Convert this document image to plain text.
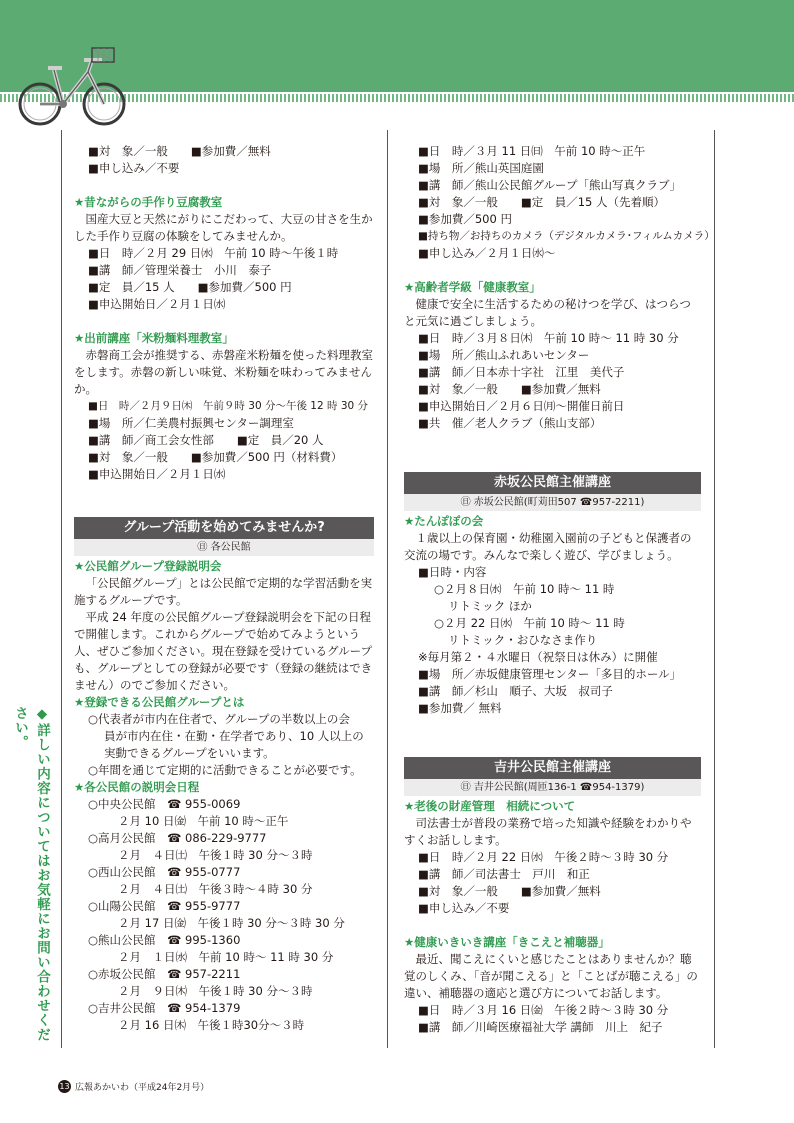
■対　象／一般　　■参加費／無料

■申し込み／不要

★昔ながらの手作り豆腐教室

国産大豆と天然にがりにこだわって、大豆の甘さを生かした手作り豆腐の体験をしてみませんか。

■日　時／２月 29 日㈬　午前 10 時〜午後１時

■講　師／管理栄養士　小川　泰子

■定　員／15 人　　■参加費／500 円

■申込開始日／２月１日㈬

★出前講座「米粉麺料理教室」

赤磐商工会が推奨する、赤磐産米粉麺を使った料理教室をします。赤磐の新しい味覚、米粉麺を味わってみませんか。

■日　時／２月９日㈭　午前９時 30 分〜午後 12 時 30 分

■場　所／仁美農村振興センター調理室

■講　師／商工会女性部　　■定　員／20 人

■対　象／一般　　■参加費／500 円（材料費）

■申込開始日／２月１日㈬

グループ活動を始めてみませんか?

㊐ 各公民館

★公民館グループ登録説明会

「公民館グループ」とは公民館で定期的な学習活動を実施するグループです。

平成 24 年度の公民館グループ登録説明会を下記の日程で開催します。これからグループで始めてみようという人、ぜひご参加ください。現在登録を受けているグループも、グループとしての登録が必要です（登録の継続はできません）のでご参加ください。

★登録できる公民館グループとは

○代表者が市内在住者で、グループの半数以上の会

員が市内在住・在勤・在学者であり、10 人以上の

実動できるグループをいいます。

○年間を通じて定期的に活動できることが必要です。

★各公民館の説明会日程

○中央公民館　☎ 955-0069

２月 10 日㈮　午前 10 時〜正午

○高月公民館　☎ 086-229-9777

２月　４日㈯　午後１時 30 分〜３時

○西山公民館　☎ 955-0777

２月　４日㈯　午後３時〜４時 30 分

○山陽公民館　☎ 955-9777

２月 17 日㈮　午後１時 30 分〜３時 30 分

○熊山公民館　☎ 995-1360

２月　１日㈬　午前 10 時〜 11 時 30 分

○赤坂公民館　☎ 957-2211

２月　９日㈭　午後１時 30 分〜３時

○吉井公民館　☎ 954-1379

２月 16 日㈭　午後１時30分〜３時

■日　時／３月 11 日㈰　午前 10 時〜正午

■場　所／熊山英国庭園

■講　師／熊山公民館グループ「熊山写真クラブ」

■対　象／一般　　■定　員／15 人（先着順）

■参加費／500 円

■持ち物／お持ちのカメラ（デジタルカメラ･フィルムカメラ）

■申し込み／２月１日㈬〜

★高齢者学級「健康教室」

健康で安全に生活するための秘けつを学び、はつらつと元気に過ごしましょう。

■日　時／３月８日㈭　午前 10 時〜 11 時 30 分

■場　所／熊山ふれあいセンター

■講　師／日本赤十字社　江里　美代子

■対　象／一般　　■参加費／無料

■申込開始日／２月６日㈪〜開催日前日

■共　催／老人クラブ（熊山支部）

赤坂公民館主催講座

㊐ 赤坂公民館(町苅田507 ☎957-2211)

★たんぽぽの会

１歳以上の保育園・幼稚園入園前の子どもと保護者の交流の場です。みんなで楽しく遊び、学びましょう。

■日時・内容

○２月８日㈬　午前 10 時〜 11 時

リトミック ほか

○２月 22 日㈬　午前 10 時〜 11 時

リトミック・おひなさま作り

※毎月第２・４水曜日（祝祭日は休み）に開催

■場　所／赤坂健康管理センター「多目的ホール」

■講　師／杉山　順子、大坂　叔司子

■参加費／ 無料

吉井公民館主催講座

㊐ 吉井公民館(周匝136-1 ☎954-1379)

★老後の財産管理　相続について

司法書士が普段の業務で培った知識や経験をわかりやすくお話しします。

■日　時／２月 22 日㈬　午後２時〜３時 30 分

■講　師／司法書士　戸川　和正

■対　象／一般　　■参加費／無料

■申し込み／不要

★健康いきいき講座「きこえと補聴器」

最近、聞こえにくいと感じたことはありませんか？聴覚のしくみ、「音が聞こえる」と「ことばが聴こえる」の違い、補聴器の適応と選び方についてお話します。

■日　時／３月 16 日㈮　午後２時〜３時 30 分

■講　師／川崎医療福祉大学 講師　川上　紀子

◆詳しい内容についてはお気軽にお問い合わせください。
13 広報あかいわ（平成24年2月号）
